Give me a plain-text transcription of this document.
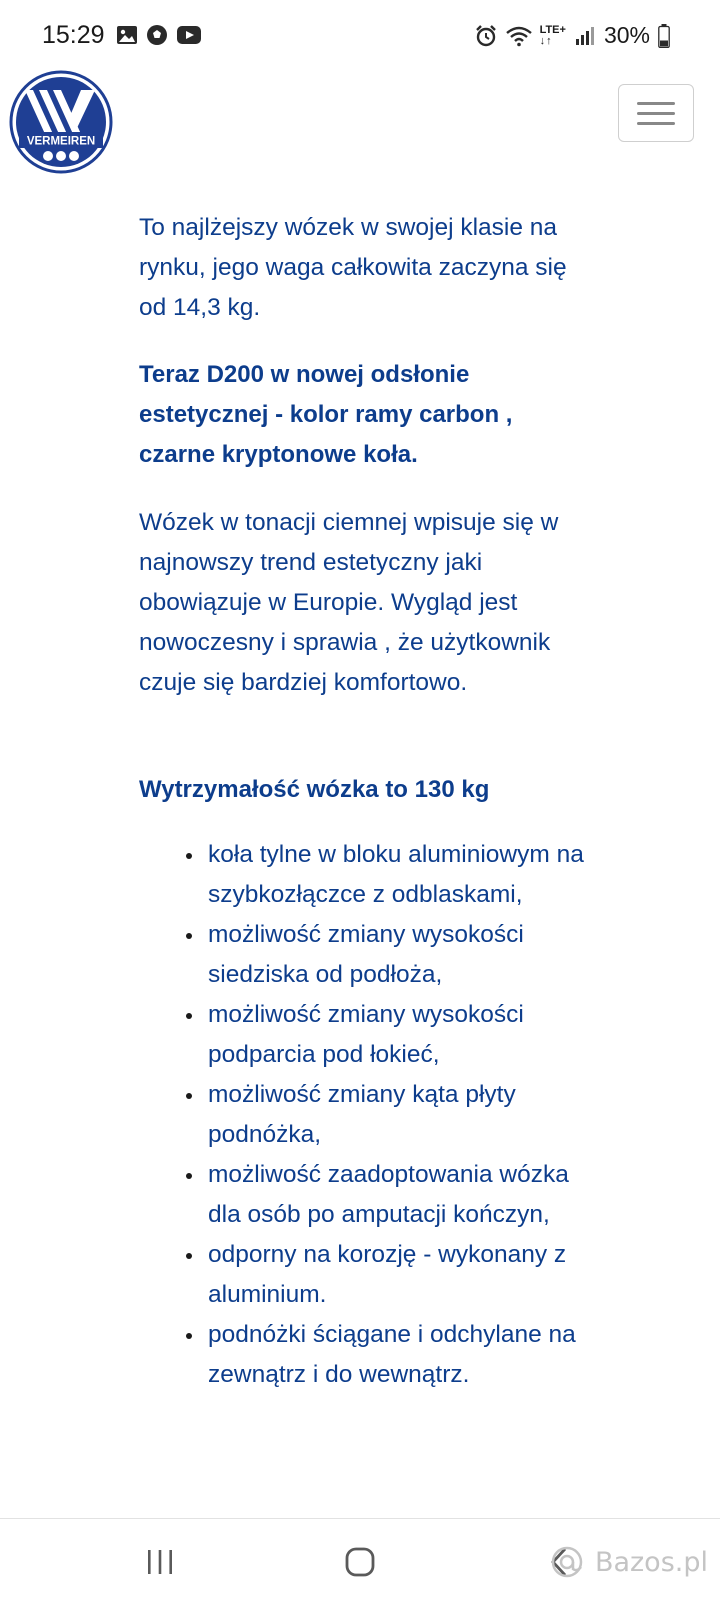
15:29	LTE+
↓↑	30%
VERMEIREN

To najlżejszy wózek w swojej klasie na rynku, jego waga całkowita zaczyna się od 14,3 kg.

Teraz D200 w nowej odsłonie estetycznej - kolor ramy carbon , czarne kryptonowe koła.

Wózek w tonacji ciemnej wpisuje się w najnowszy trend estetyczny jaki obowiązuje w Europie. Wygląd jest nowoczesny i sprawia , że użytkownik czuje się bardziej komfortowo.

Wytrzymałość wózka to 130 kg

koła tylne w bloku aluminiowym na szybkozłączce z odblaskami,
możliwość zmiany wysokości siedziska od podłoża,
możliwość zmiany wysokości podparcia pod łokieć,
możliwość zmiany kąta płyty podnóżka,
możliwość zaadoptowania wózka dla osób po amputacji kończyn,
odporny na korozję - wykonany z aluminium.
podnóżki ściągane i odchylane na zewnątrz i do wewnątrz.
Bazos.pl
